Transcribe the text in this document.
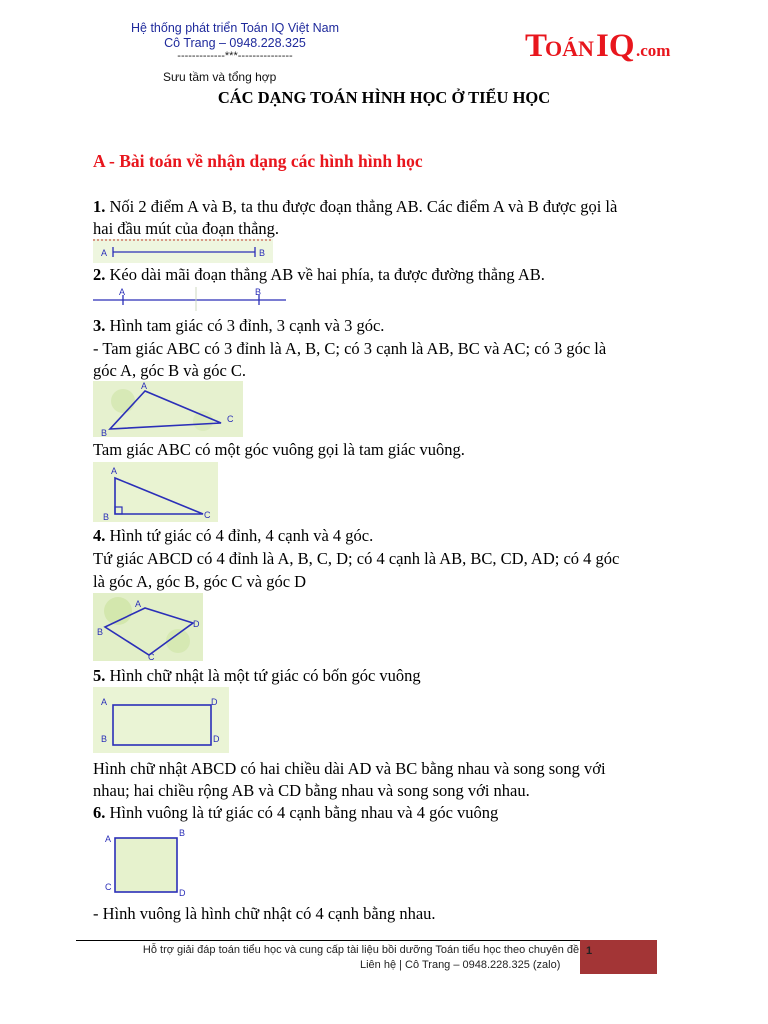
Hệ thống phát triển Toán IQ Việt Nam
Cô Trang – 0948.228.325
-------------***---------------
Sưu tầm và tổng hợp
T
OÁN IQ .com
CÁC DẠNG TOÁN HÌNH HỌC Ở TIỂU HỌC
A - Bài toán về nhận dạng các hình hình học
1. Nối 2 điểm A và B, ta thu được đoạn thẳng AB. Các điểm A và B được gọi là
hai đầu mút của đoạn thẳng.
A	B
2. Kéo dài mãi đoạn thẳng AB về hai phía, ta được đường thẳng AB.
A	B
3. Hình tam giác có 3 đỉnh, 3 cạnh và 3 góc.
- Tam giác ABC có 3 đỉnh là A, B, C; có 3 cạnh là AB, BC và AC; có 3 góc là
góc A, góc B và góc C.
A
B
C
Tam giác ABC có một góc vuông gọi là tam giác vuông.
A
B	C
4. Hình tứ giác có 4 đỉnh, 4 cạnh và 4 góc.
Tứ giác ABCD có 4 đỉnh là A, B, C, D; có 4 cạnh là AB, BC, CD, AD; có 4 góc
là góc A, góc B, góc C và góc D
A
B
C
D
5. Hình chữ nhật là một tứ giác có bốn góc vuông
A	D
B	D
Hình chữ nhật ABCD có hai chiều dài AD và BC bằng nhau và song song với
nhau; hai chiều rộng AB và CD bằng nhau và song song với nhau.
6. Hình vuông là tứ giác có 4 cạnh bằng nhau và 4 góc vuông
A
B
C
D
- Hình vuông là hình chữ nhật có 4 cạnh bằng nhau.
Hỗ trợ giải đáp toán tiểu học và cung cấp tài liệu bồi dưỡng Toán tiểu học theo chuyên đề
Liên hệ | Cô Trang – 0948.228.325 (zalo)
1
